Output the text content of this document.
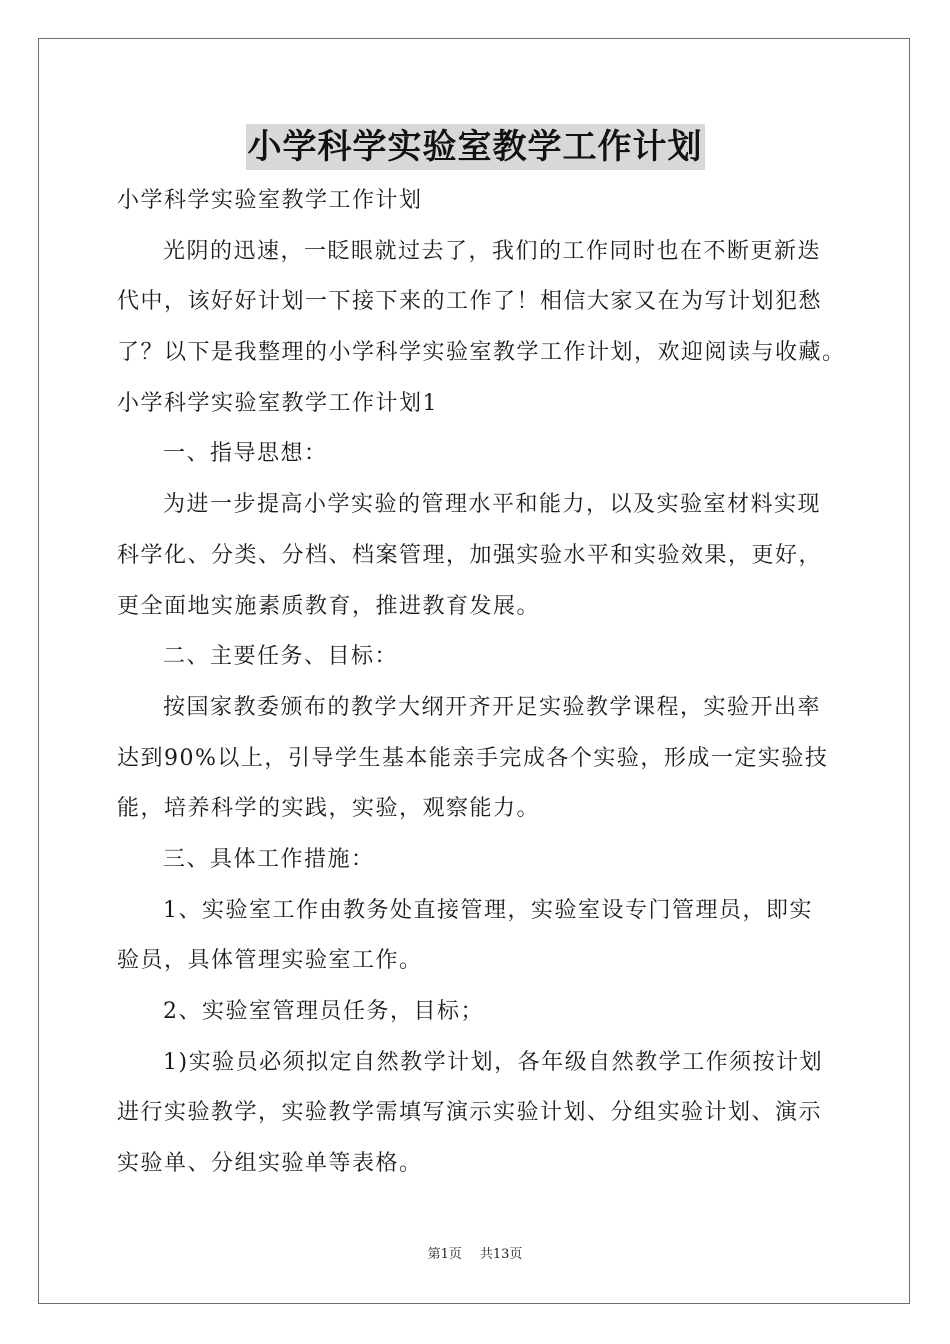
小学科学实验室教学工作计划
小学科学实验室教学工作计划
光阴的迅速，一眨眼就过去了，我们的工作同时也在不断更新迭
代中，该好好计划一下接下来的工作了！相信大家又在为写计划犯愁
了？以下是我整理的小学科学实验室教学工作计划，欢迎阅读与收藏。
小学科学实验室教学工作计划1
一、指导思想：
为进一步提高小学实验的管理水平和能力，以及实验室材料实现
科学化、分类、分档、档案管理，加强实验水平和实验效果，更好，
更全面地实施素质教育，推进教育发展。
二、主要任务、目标：
按国家教委颁布的教学大纲开齐开足实验教学课程，实验开出率
达到90%以上，引导学生基本能亲手完成各个实验，形成一定实验技
能，培养科学的实践，实验，观察能力。
三、具体工作措施：
1、实验室工作由教务处直接管理，实验室设专门管理员，即实
验员，具体管理实验室工作。
2、实验室管理员任务，目标；
1)实验员必须拟定自然教学计划，各年级自然教学工作须按计划
进行实验教学，实验教学需填写演示实验计划、分组实验计划、演示
实验单、分组实验单等表格。
第1页 共13页
